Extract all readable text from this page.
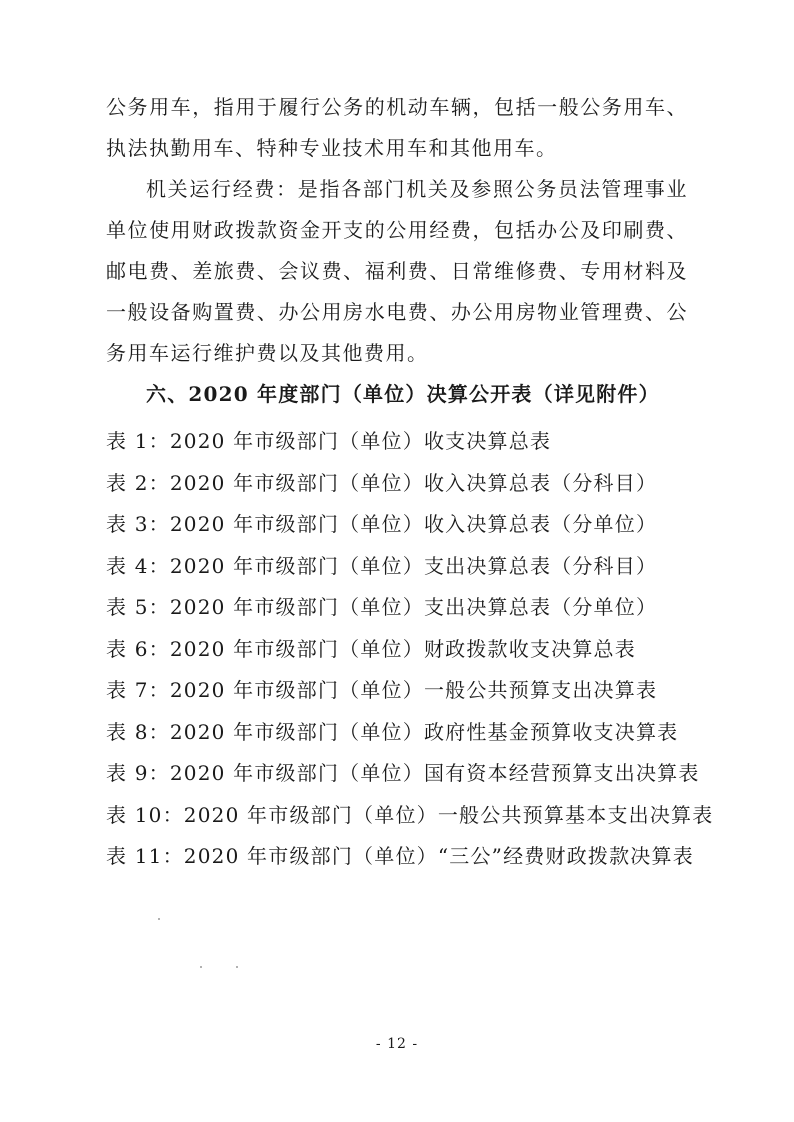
公务用车，指用于履行公务的机动车辆，包括一般公务用车、执法执勤用车、特种专业技术用车和其他用车。

机关运行经费：是指各部门机关及参照公务员法管理事业单位使用财政拨款资金开支的公用经费，包括办公及印刷费、邮电费、差旅费、会议费、福利费、日常维修费、专用材料及一般设备购置费、办公用房水电费、办公用房物业管理费、公务用车运行维护费以及其他费用。

六、2020 年度部门（单位）决算公开表（详见附件）

表 1：2020 年市级部门（单位）收支决算总表
表 2：2020 年市级部门（单位）收入决算总表（分科目）
表 3：2020 年市级部门（单位）收入决算总表（分单位）
表 4：2020 年市级部门（单位）支出决算总表（分科目）
表 5：2020 年市级部门（单位）支出决算总表（分单位）
表 6：2020 年市级部门（单位）财政拨款收支决算总表
表 7：2020 年市级部门（单位）一般公共预算支出决算表
表 8：2020 年市级部门（单位）政府性基金预算收支决算表
表 9：2020 年市级部门（单位）国有资本经营预算支出决算表
表 10：2020 年市级部门（单位）一般公共预算基本支出决算表
表 11：2020 年市级部门（单位）“三公”经费财政拨款决算表
- 12 -
